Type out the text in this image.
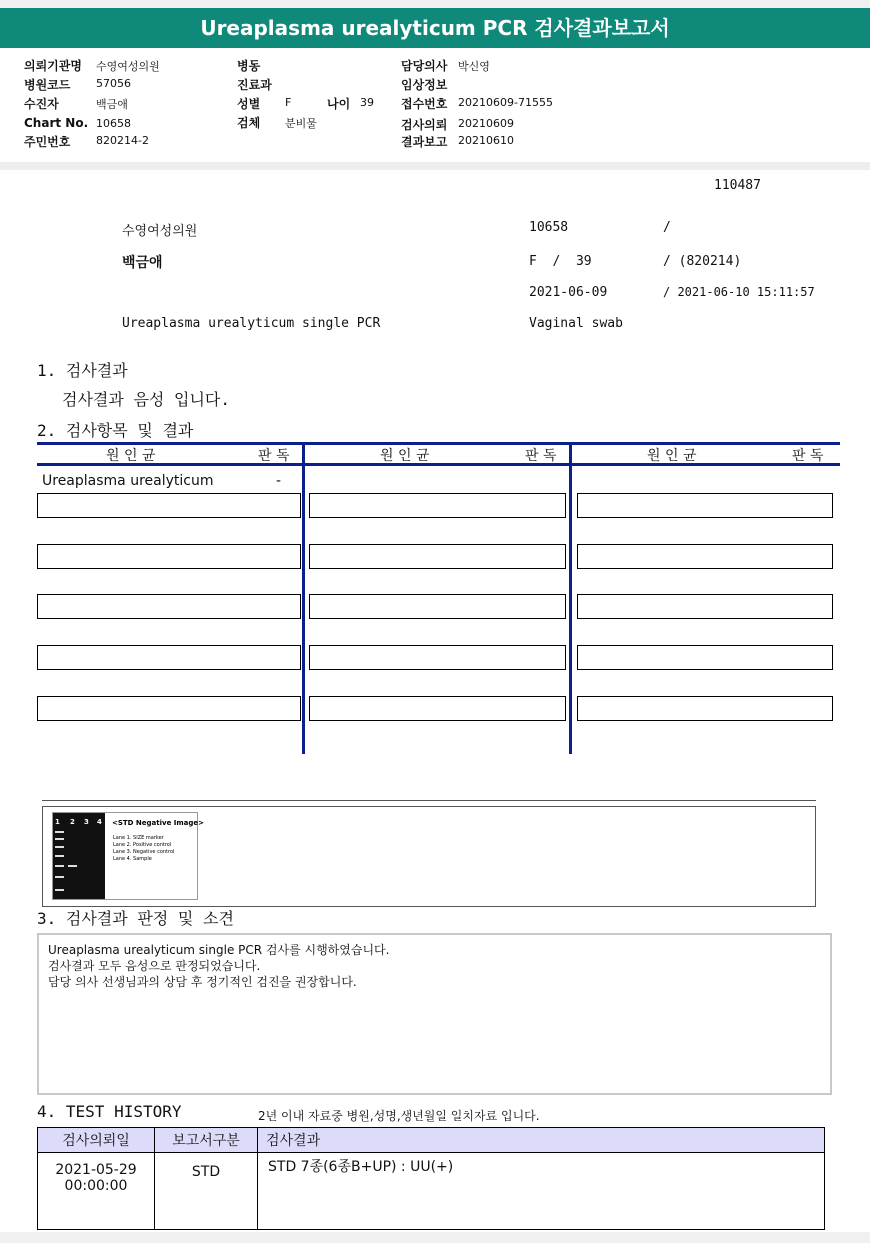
Ureaplasma urealyticum PCR 검사결과보고서
의뢰기관명 수영여성의원
병원코드 57056
수진자	백금애
Chart No. 10658
주민번호 820214-2
병동
진료과
성별 F	나이 39
검체 분비물
담당의사 박신영
임상정보
접수번호 20210609-71555
검사의뢰 20210609
결과보고 20210610
110487
수영여성의원	10658	/
백금애	F  /  39	/ (820214)
2021-06-09	/ 2021-06-10 15:11:57
Ureaplasma urealyticum single PCR	Vaginal swab
1. 검사결과
검사결과 음성 입니다.
2. 검사항목 및 결과
원 인 균	판 독	원 인 균	판 독	원 인 균	판 독
Ureaplasma urealyticum	-
1 2 3 4 <STD Negative Image>
Lane 1. SIZE marker
Lane 2. Positive control
Lane 3. Negative control
Lane 4. Sample
3. 검사결과 판정 및 소견
Ureaplasma urealyticum single PCR 검사를 시행하였습니다.
검사결과 모두 음성으로 판정되었습니다.
담당 의사 선생님과의 상담 후 정기적인 검진을 권장합니다.
4. TEST HISTORY	2년 이내 자료중 병원,성명,생년월일 일치자료 입니다.
검사의뢰일	보고서구분	검사결과

2021-05-29
00:00:00	STD	STD 7종(6종B+UP) : UU(+)
